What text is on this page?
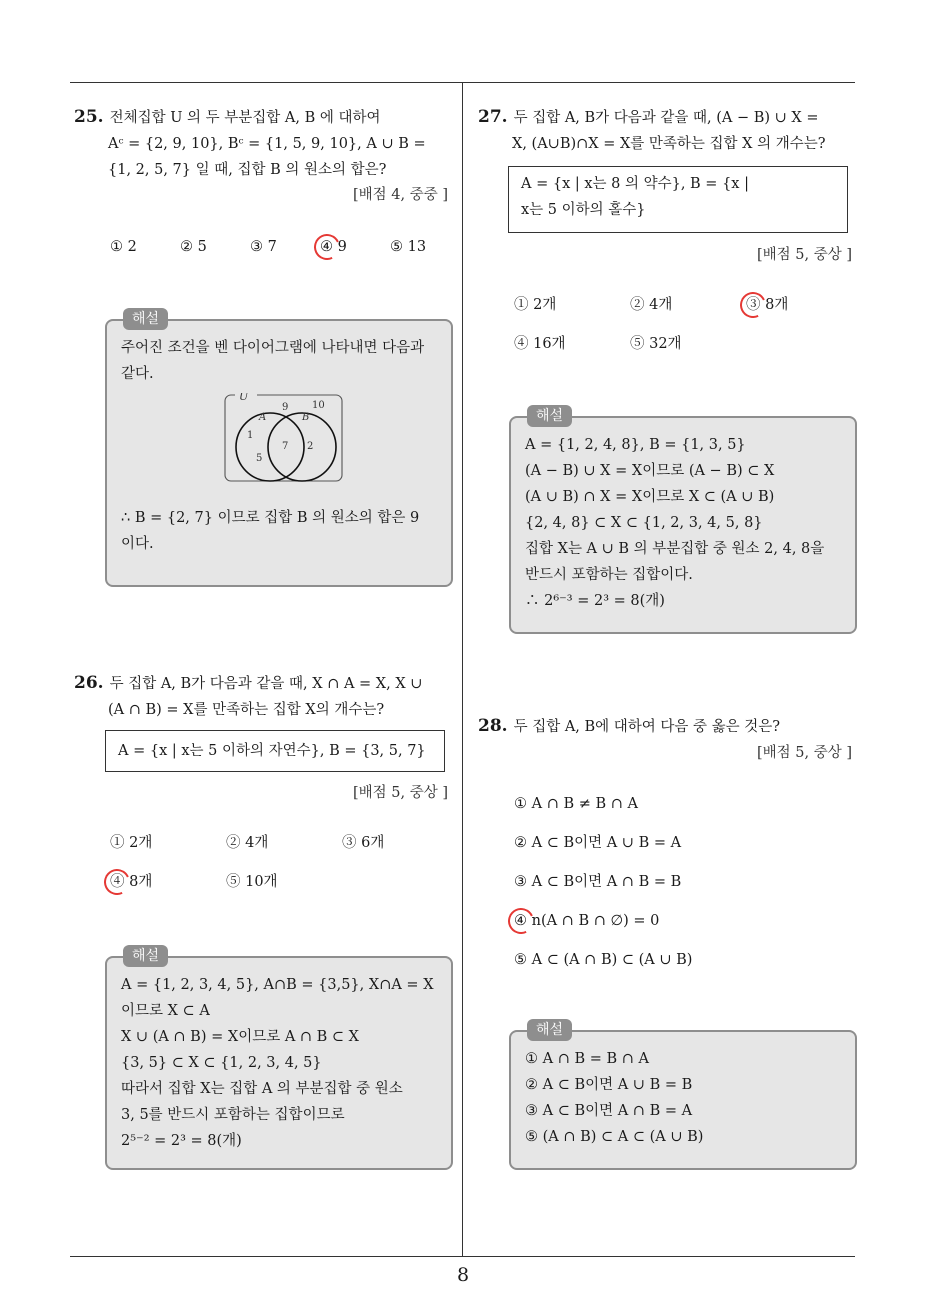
25. 전체집합 U 의 두 부분집합 A, B 에 대하여
Aᶜ = {2, 9, 10}, Bᶜ = {1, 5, 9, 10}, A ∪ B =
{1, 2, 5, 7} 일 때, 집합 B 의 원소의 합은?
[배점 4, 중중 ]
① 2	② 5	③ 7	④ 9	⑤ 13
해설
주어진 조건을 벤 다이어그램에 나타내면 다음과
같다.
U
9 10
A	B
1
5
7 2
∴ B = {2, 7} 이므로 집합 B 의 원소의 합은 9
이다.
26. 두 집합 A, B가 다음과 같을 때, X ∩ A = X, X ∪
(A ∩ B) = X를 만족하는 집합 X의 개수는?
A = {x | x는 5 이하의 자연수}, B = {3, 5, 7}
[배점 5, 중상 ]
① 2개	② 4개	③ 6개
④ 8개	⑤ 10개
해설
A = {1, 2, 3, 4, 5}, A∩B = {3,5}, X∩A = X
이므로 X ⊂ A
X ∪ (A ∩ B) = X이므로 A ∩ B ⊂ X
{3, 5} ⊂ X ⊂ {1, 2, 3, 4, 5}
따라서 집합 X는 집합 A 의 부분집합 중 원소
3, 5를 반드시 포함하는 집합이므로
2⁵⁻² = 2³ = 8(개)
27. 두 집합 A, B가 다음과 같을 때, (A − B) ∪ X =
X, (A∪B)∩X = X를 만족하는 집합 X 의 개수는?
A = {x | x는 8 의 약수}, B = {x |
x는 5 이하의 홀수}
[배점 5, 중상 ]
① 2개	② 4개	③ 8개
④ 16개	⑤ 32개
해설
A = {1, 2, 4, 8}, B = {1, 3, 5}
(A − B) ∪ X = X이므로 (A − B) ⊂ X
(A ∪ B) ∩ X = X이므로 X ⊂ (A ∪ B)
{2, 4, 8} ⊂ X ⊂ {1, 2, 3, 4, 5, 8}
집합 X는 A ∪ B 의 부분집합 중 원소 2, 4, 8을
반드시 포함하는 집합이다.
∴ 2⁶⁻³ = 2³ = 8(개)
28. 두 집합 A, B에 대하여 다음 중 옳은 것은?
[배점 5, 중상 ]
① A ∩ B ≠ B ∩ A
② A ⊂ B이면 A ∪ B = A
③ A ⊂ B이면 A ∩ B = B
④ n(A ∩ B ∩ ∅) = 0
⑤ A ⊂ (A ∩ B) ⊂ (A ∪ B)
해설
① A ∩ B = B ∩ A
② A ⊂ B이면 A ∪ B = B
③ A ⊂ B이면 A ∩ B = A
⑤ (A ∩ B) ⊂ A ⊂ (A ∪ B)
8
